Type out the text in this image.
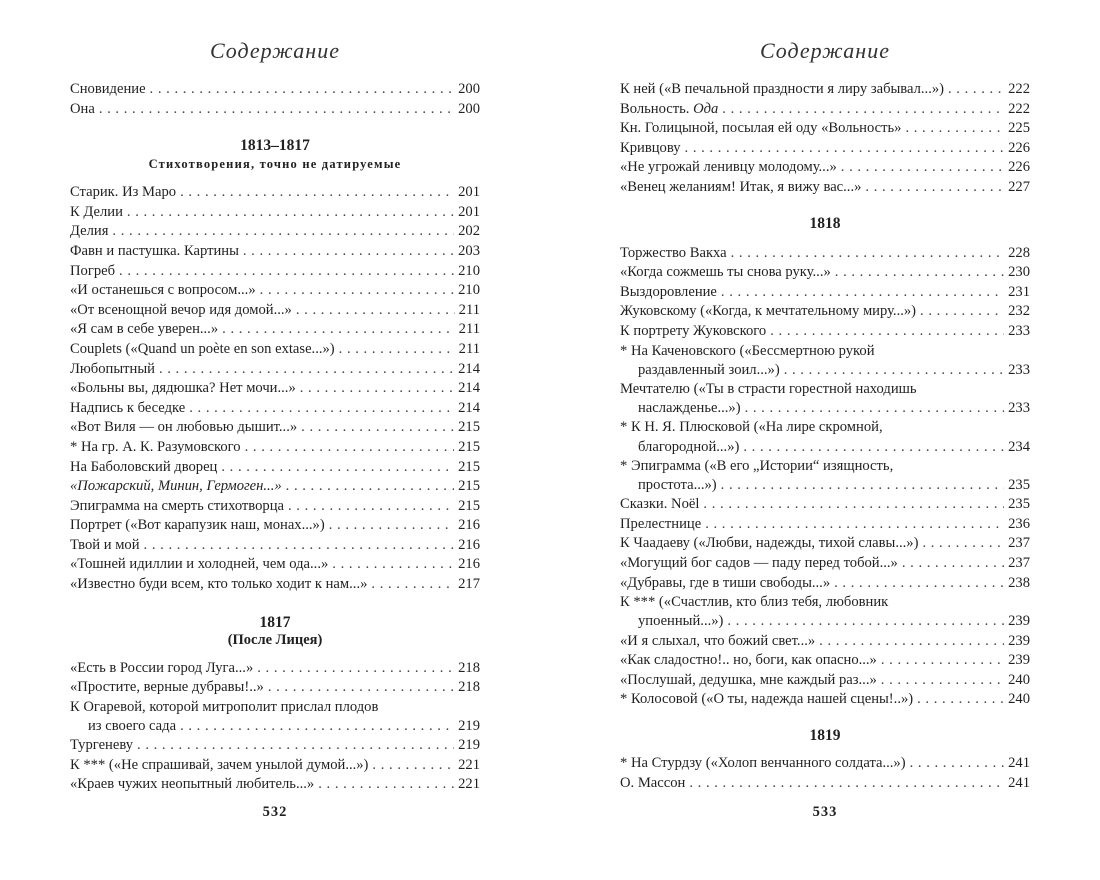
Содержание
Сновидение . . .	200
Она . . .	200
1813–1817
Стихотворения, точно не датируемые
Старик. Из Маро . . .	201
К Делии . . .	201
Делия . . .	202
Фавн и пастушка. Картины . . .	203
Погреб . . .	210
«И останешься с вопросом...» . . .	210
«От всенощной вечор идя домой...» . . .	211
«Я сам в себе уверен...» . . .	211
Couplets («Quand un poète en son extase...») . . .	211
Любопытный . . .	214
«Больны вы, дядюшка? Нет мочи...» . . .	214
Надпись к беседке . . .	214
«Вот Виля — он любовью дышит...» . . .	215
* На гр. А. К. Разумовского . . .	215
На Баболовский дворец . . .	215
«Пожарский, Минин, Гермоген...» . . .	215
Эпиграмма на смерть стихотворца . . .	215
Портрет («Вот карапузик наш, монах...») . . .	216
Твой и мой . . .	216
«Тошней идиллии и холодней, чем ода...» . . .	216
«Известно буди всем, кто только ходит к нам...» . . .	217
1817
(После Лицея)
«Есть в России город Луга...» . . .	218
«Простите, верные дубравы!..» . . .	218
К Огаревой, которой митрополит прислал плодов
из своего сада . . .	219
Тургеневу . . .	219
К *** («Не спрашивай, зачем унылой думой...») . . .	221
«Краев чужих неопытный любитель...» . . .	221
532
Содержание
К ней («В печальной праздности я лиру забывал...») . . .	222
Вольность. Ода . . .	222
Кн. Голицыной, посылая ей оду «Вольность» . . .	225
Кривцову . . .	226
«Не угрожай ленивцу молодому...» . . .	226
«Венец желаниям! Итак, я вижу вас...» . . .	227
1818
Торжество Вакха . . .	228
«Когда сожмешь ты снова руку...» . . .	230
Выздоровление . . .	231
Жуковскому («Когда, к мечтательному миру...») . . .	232
К портрету Жуковского . . .	233
* На Каченовского («Бессмертною рукой
раздавленный зоил...») . . .	233
Мечтателю («Ты в страсти горестной находишь
наслажденье...») . . .	233
* К Н. Я. Плюсковой («На лире скромной,
благородной...») . . .	234
* Эпиграмма («В его „Истории“ изящность,
простота...») . . .	235
Сказки. Noël . . .	235
Прелестнице . . .	236
К Чаадаеву («Любви, надежды, тихой славы...») . . .	237
«Могущий бог садов — паду перед тобой...» . . .	237
«Дубравы, где в тиши свободы...» . . .	238
К *** («Счастлив, кто близ тебя, любовник
упоенный...») . . .	239
«И я слыхал, что божий свет...» . . .	239
«Как сладостно!.. но, боги, как опасно...» . . .	239
«Послушай, дедушка, мне каждый раз...» . . .	240
* Колосовой («О ты, надежда нашей сцены!..») . . .	240
1819
* На Стурдзу («Холоп венчанного солдата...») . . .	241
О. Массон . . .	241
533
